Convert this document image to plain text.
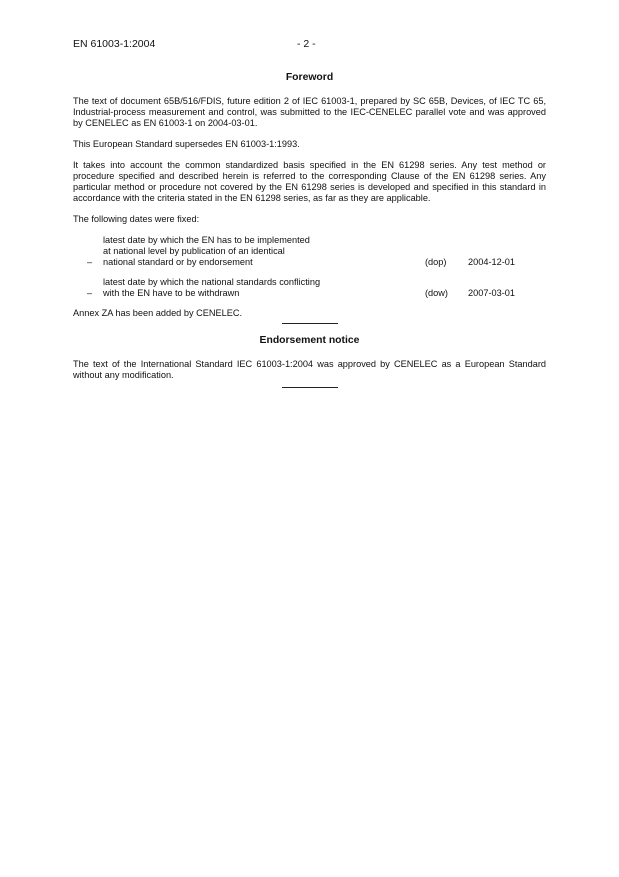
EN 61003-1:2004	- 2 -
Foreword

The text of document 65B/516/FDIS, future edition 2 of IEC 61003-1, prepared by SC 65B, Devices, of IEC TC 65, Industrial-process measurement and control, was submitted to the IEC-CENELEC parallel vote and was approved by CENELEC as EN 61003-1 on 2004-03-01.

This European Standard supersedes EN 61003-1:1993.

It takes into account the common standardized basis specified in the EN 61298 series. Any test method or procedure specified and described herein is referred to the corresponding Clause of the EN 61298 series. Any particular method or procedure not covered by the EN 61298 series is developed and specified in this standard in accordance with the criteria stated in the EN 61298 series, as far as they are applicable.

The following dates were fixed:

–
latest date by which the EN has to be implemented
at national level by publication of an identical
national standard or by endorsement	(dop)	2004-12-01
–
latest date by which the national standards conflicting
with the EN have to be withdrawn	(dow)	2007-03-01

Annex ZA has been added by CENELEC.

Endorsement notice

The text of the International Standard IEC 61003-1:2004 was approved by CENELEC as a European Standard without any modification.
